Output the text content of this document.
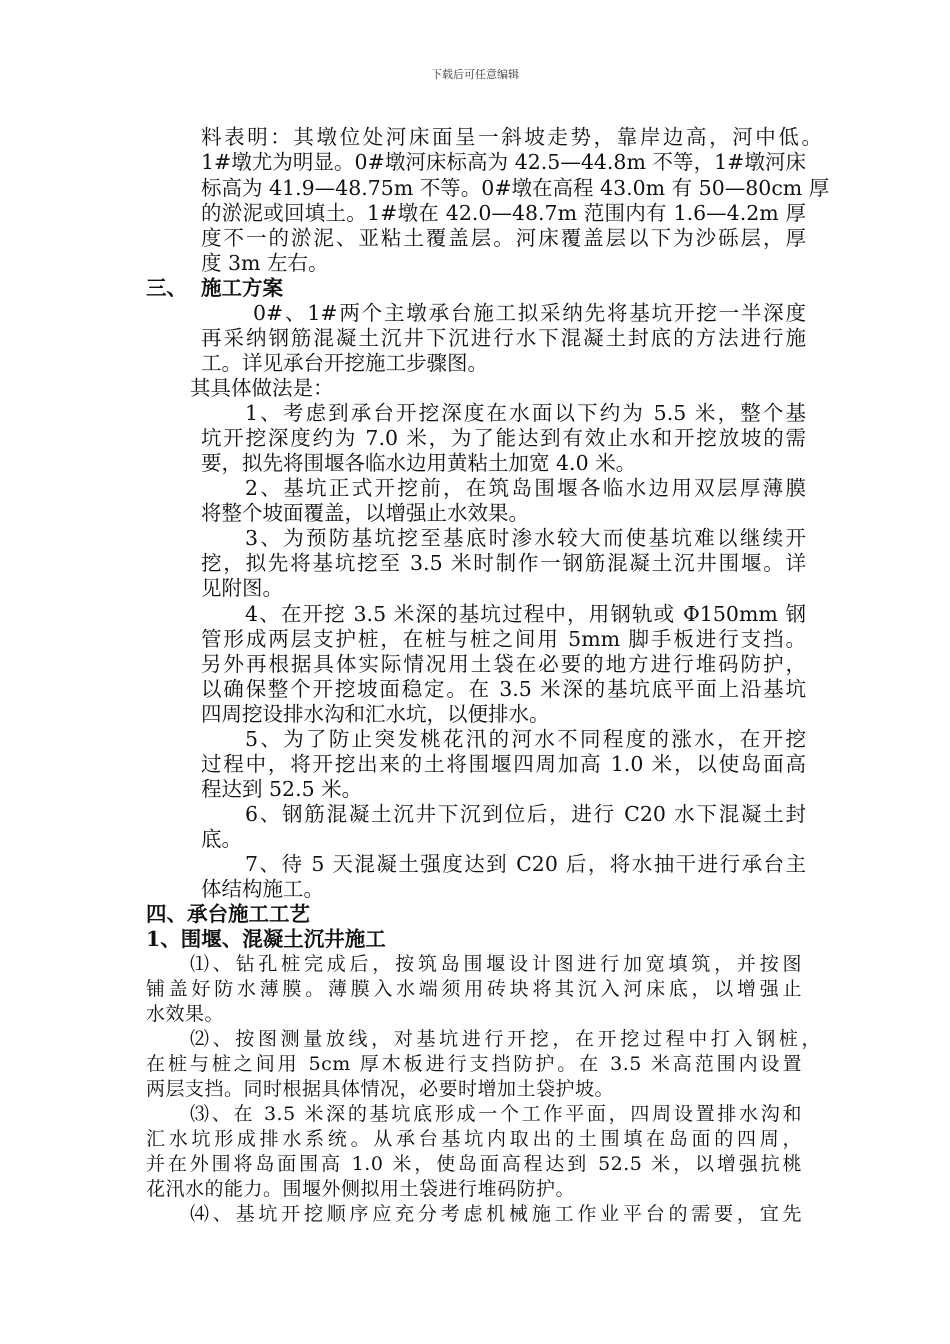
下载后可任意编辑
料表明：其墩位处河床面呈一斜坡走势，靠岸边高，河中低。
1#墩尤为明显。0#墩河床标高为 42.5—44.8m 不等，1#墩河床
标高为 41.9—48.75m 不等。0#墩在高程 43.0m 有 50—80cm 厚
的淤泥或回填土。1#墩在 42.0—48.7m 范围内有 1.6—4.2m 厚
度不一的淤泥、亚粘土覆盖层。河床覆盖层以下为沙砾层，厚
度 3m 左右。
三、 施工方案
0#、1#两个主墩承台施工拟采纳先将基坑开挖一半深度
再采纳钢筋混凝土沉井下沉进行水下混凝土封底的方法进行施
工。详见承台开挖施工步骤图。
其具体做法是：
1、考虑到承台开挖深度在水面以下约为 5.5 米，整个基
坑开挖深度约为 7.0 米，为了能达到有效止水和开挖放坡的需
要，拟先将围堰各临水边用黄粘土加宽 4.0 米。
2、基坑正式开挖前，在筑岛围堰各临水边用双层厚薄膜
将整个坡面覆盖，以增强止水效果。
3、为预防基坑挖至基底时渗水较大而使基坑难以继续开
挖，拟先将基坑挖至 3.5 米时制作一钢筋混凝土沉井围堰。详
见附图。
4、在开挖 3.5 米深的基坑过程中，用钢轨或 Φ150mm 钢
管形成两层支护桩，在桩与桩之间用 5mm 脚手板进行支挡。
另外再根据具体实际情况用土袋在必要的地方进行堆码防护，
以确保整个开挖坡面稳定。在 3.5 米深的基坑底平面上沿基坑
四周挖设排水沟和汇水坑，以便排水。
5、为了防止突发桃花汛的河水不同程度的涨水，在开挖
过程中，将开挖出来的土将围堰四周加高 1.0 米，以使岛面高
程达到 52.5 米。
6、钢筋混凝土沉井下沉到位后，进行 C20 水下混凝土封
底。
7、待 5 天混凝土强度达到 C20 后，将水抽干进行承台主
体结构施工。
四、承台施工工艺
1、围堰、混凝土沉井施工
⑴、钻孔桩完成后，按筑岛围堰设计图进行加宽填筑，并按图
铺盖好防水薄膜。薄膜入水端须用砖块将其沉入河床底，以增强止
水效果。
⑵、按图测量放线，对基坑进行开挖，在开挖过程中打入钢桩，
在桩与桩之间用 5cm 厚木板进行支挡防护。在 3.5 米高范围内设置
两层支挡。同时根据具体情况，必要时增加土袋护坡。
⑶、在 3.5 米深的基坑底形成一个工作平面，四周设置排水沟和
汇水坑形成排水系统。从承台基坑内取出的土围填在岛面的四周，
并在外围将岛面围高 1.0 米，使岛面高程达到 52.5 米，以增强抗桃
花汛水的能力。围堰外侧拟用土袋进行堆码防护。
⑷、基坑开挖顺序应充分考虑机械施工作业平台的需要，宜先
